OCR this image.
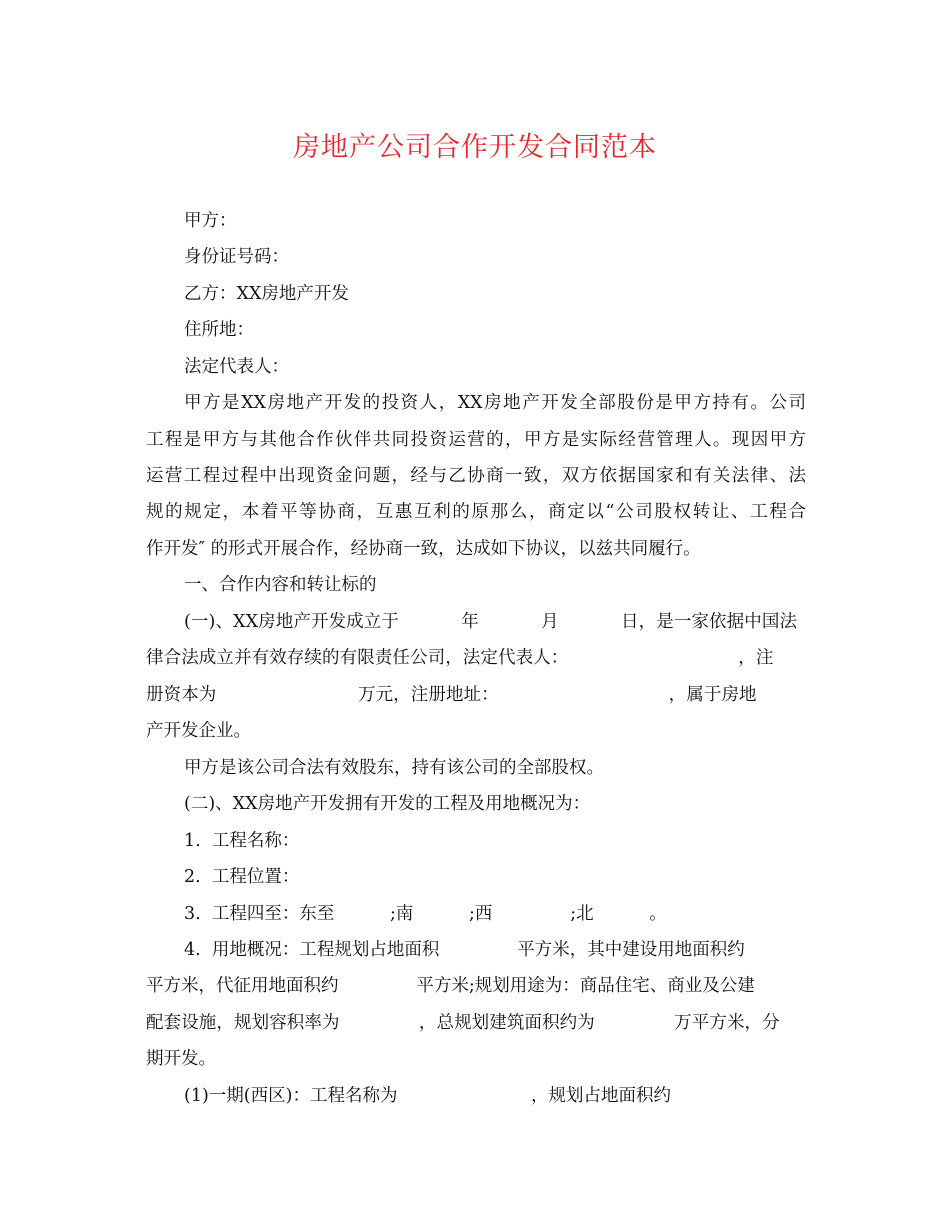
房地产公司合作开发合同范本
甲方：
身份证号码：
乙方：XX房地产开发
住所地：
法定代表人：
甲方是XX房地产开发的投资人，XX房地产开发全部股份是甲方持有。公司
工程是甲方与其他合作伙伴共同投资运营的，甲方是实际经营管理人。现因甲方
运营工程过程中出现资金问题，经与乙协商一致，双方依据国家和有关法律、法
规的规定，本着平等协商，互惠互利的原那么，商定以“公司股权转让、工程合
作开发″ 的形式开展合作，经协商一致，达成如下协议，以兹共同履行。
一、合作内容和转让标的
(一)、XX房地产开发成立于           年           月           日，是一家依据中国法
律合法成立并有效存续的有限责任公司，法定代表人：                              ，注
册资本为                         万元，注册地址：                              ，属于房地
产开发企业。
甲方是该公司合法有效股东，持有该公司的全部股权。
(二)、XX房地产开发拥有开发的工程及用地概况为：
1.  工程名称：
2.  工程位置：
3.  工程四至：东至          ;南          ;西              ;北          。
4.  用地概况：工程规划占地面积              平方米，其中建设用地面积约
平方米，代征用地面积约              平方米;规划用途为：商品住宅、商业及公建
配套设施，规划容积率为              ，总规划建筑面积约为              万平方米，分
期开发。
(1)一期(西区)：工程名称为                        ，规划占地面积约
